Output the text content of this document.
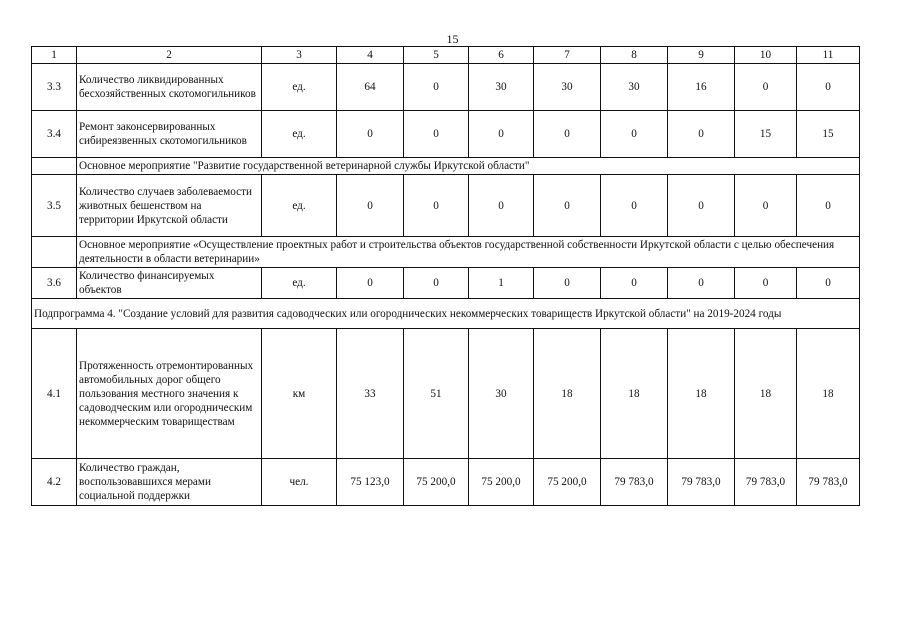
15
1	2	3	4	5	6	7	8	9	10	11
3.3	Количество ликвидированных бесхозяйственных скотомогильников	ед.	64	0	30	30	30	16	0	0
3.4	Ремонт законсервированных сибиреязвенных скотомогильников	ед.	0	0	0	0	0	0	15	15
	Основное мероприятие "Развитие государственной ветеринарной службы Иркутской области"									
3.5	Количество случаев заболеваемости животных бешенством на территории Иркутской области	ед.	0	0	0	0	0	0	0	0
	Основное мероприятие «Осуществление проектных работ и строительства объектов государственной собственности Иркутской области с целью обеспечения деятельности в области ветеринарии»									
3.6	Количество финансируемых объектов	ед.	0	0	1	0	0	0	0	0
Подпрограмма 4. "Создание условий для развития садоводческих или огороднических некоммерческих товариществ Иркутской области" на 2019-2024 годы										
4.1	Протяженность отремонтированных автомобильных дорог общего пользования местного значения к садоводческим или огородническим некоммерческим товариществам	км	33	51	30	18	18	18	18	18
4.2	Количество граждан, воспользовавшихся мерами социальной поддержки	чел.	75 123,0	75 200,0	75 200,0	75 200,0	79 783,0	79 783,0	79 783,0	79 783,0
